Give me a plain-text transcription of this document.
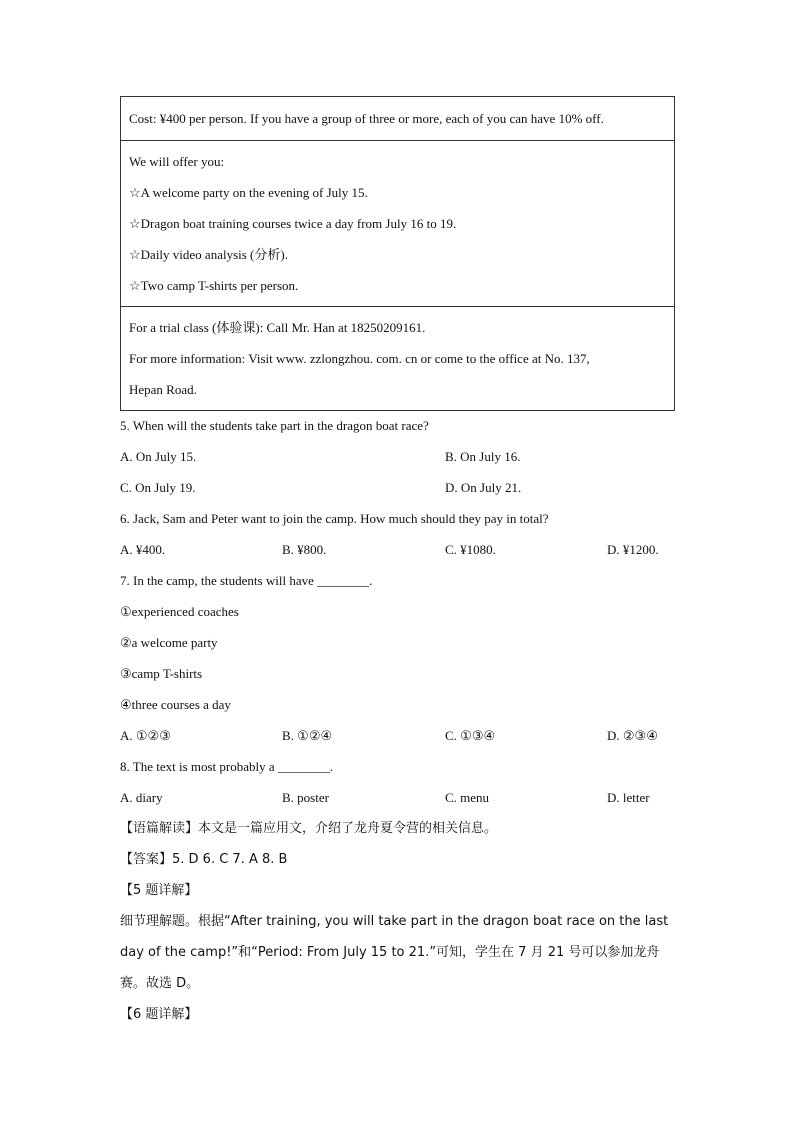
Cost: ¥400 per person. If you have a group of three or more, each of you can have 10% off.
We will offer you:
☆A welcome party on the evening of July 15.
☆Dragon boat training courses twice a day from July 16 to 19.
☆Daily video analysis (分析).
☆Two camp T-shirts per person.
For a trial class (体验课): Call Mr. Han at 18250209161.
For more information: Visit www. zzlongzhou. com. cn or come to the office at No. 137,
Hepan Road.
5. When will the students take part in the dragon boat race?
A. On July 15.	B. On July 16.
C. On July 19.	D. On July 21.
6. Jack, Sam and Peter want to join the camp. How much should they pay in total?
A. ¥400.	B. ¥800.	C. ¥1080.	D. ¥1200.
7. In the camp, the students will have ________.
①experienced coaches
②a welcome party
③camp T-shirts
④three courses a day
A. ①②③	B. ①②④	C. ①③④	D. ②③④
8. The text is most probably a ________.
A. diary	B. poster	C. menu	D. letter
【语篇解读】本文是一篇应用文，介绍了龙舟夏令营的相关信息。
【答案】5. D 6. C 7. A 8. B
【5 题详解】
细节理解题。根据“After training, you will take part in the dragon boat race on the last day of the camp!”和“Period: From July 15 to 21.”可知，学生在 7 月 21 号可以参加龙舟赛。故选 D。
【6 题详解】
